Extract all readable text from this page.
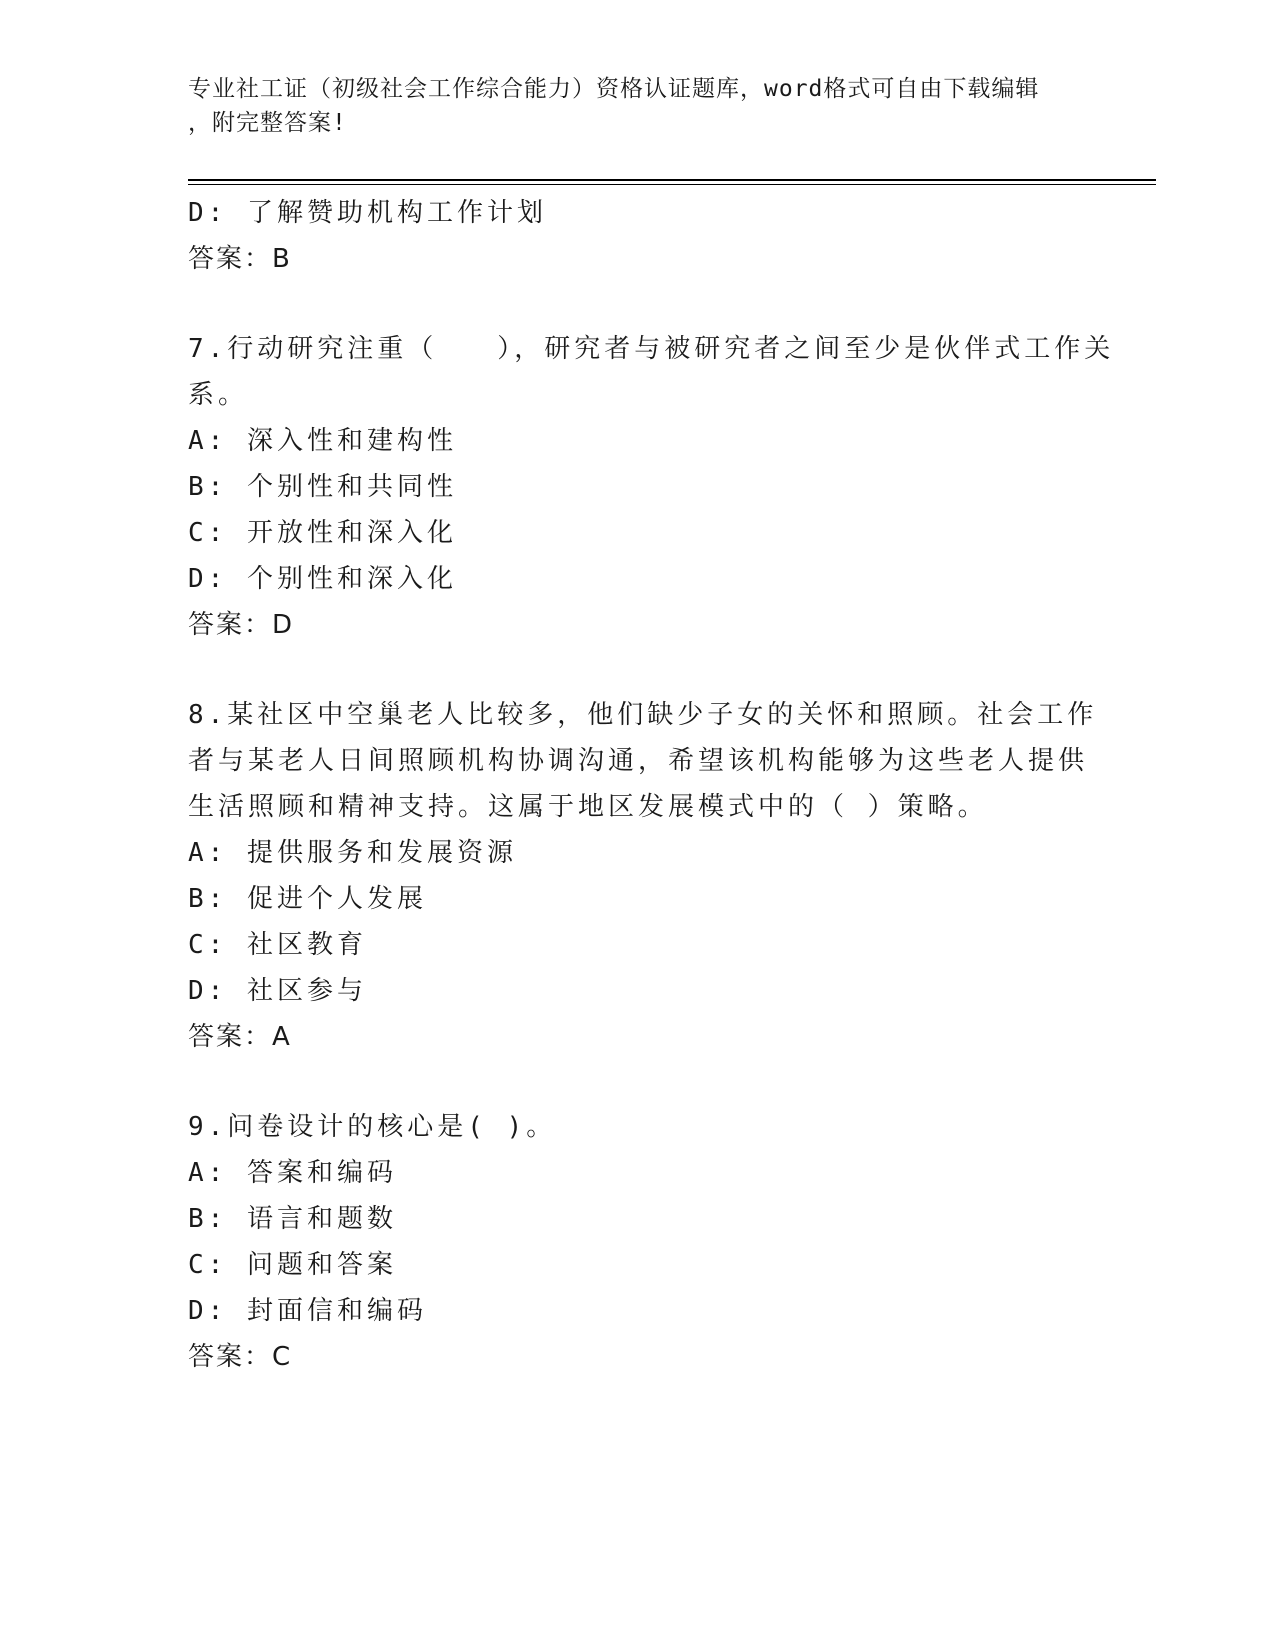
专业社工证（初级社会工作综合能力）资格认证题库，word格式可自由下载编辑
，附完整答案!
D: 了解赞助机构工作计划
答案：B
7.行动研究注重（　　），研究者与被研究者之间至少是伙伴式工作关
系。
A: 深入性和建构性
B: 个别性和共同性
C: 开放性和深入化
D: 个别性和深入化
答案：D
8.某社区中空巢老人比较多，他们缺少子女的关怀和照顾。社会工作
者与某老人日间照顾机构协调沟通，希望该机构能够为这些老人提供
生活照顾和精神支持。这属于地区发展模式中的（ ）策略。
A: 提供服务和发展资源
B: 促进个人发展
C: 社区教育
D: 社区参与
答案：A
9.问卷设计的核心是( )。
A: 答案和编码
B: 语言和题数
C: 问题和答案
D: 封面信和编码
答案：C
